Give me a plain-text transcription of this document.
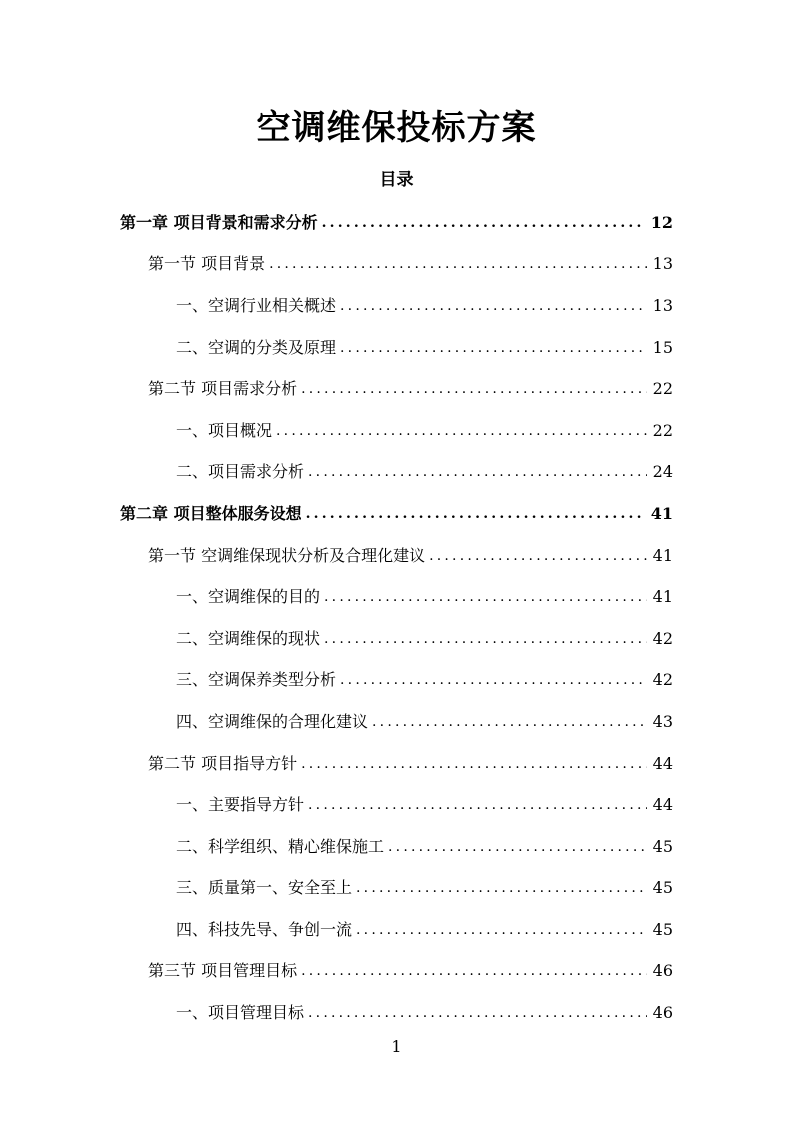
空调维保投标方案
目录
第一章 项目背景和需求分析 .....	12
第一节 项目背景 .....	13
一、空调行业相关概述 .....	13
二、空调的分类及原理 .....	15
第二节 项目需求分析 .....	22
一、项目概况 .....	22
二、项目需求分析 .....	24
第二章 项目整体服务设想 .....	41
第一节 空调维保现状分析及合理化建议 .....	41
一、空调维保的目的 .....	41
二、空调维保的现状 .....	42
三、空调保养类型分析 .....	42
四、空调维保的合理化建议 .....	43
第二节 项目指导方针 .....	44
一、主要指导方针 .....	44
二、科学组织、精心维保施工 .....	45
三、质量第一、安全至上 .....	45
四、科技先导、争创一流 .....	45
第三节 项目管理目标 .....	46
一、项目管理目标 .....	46
1
